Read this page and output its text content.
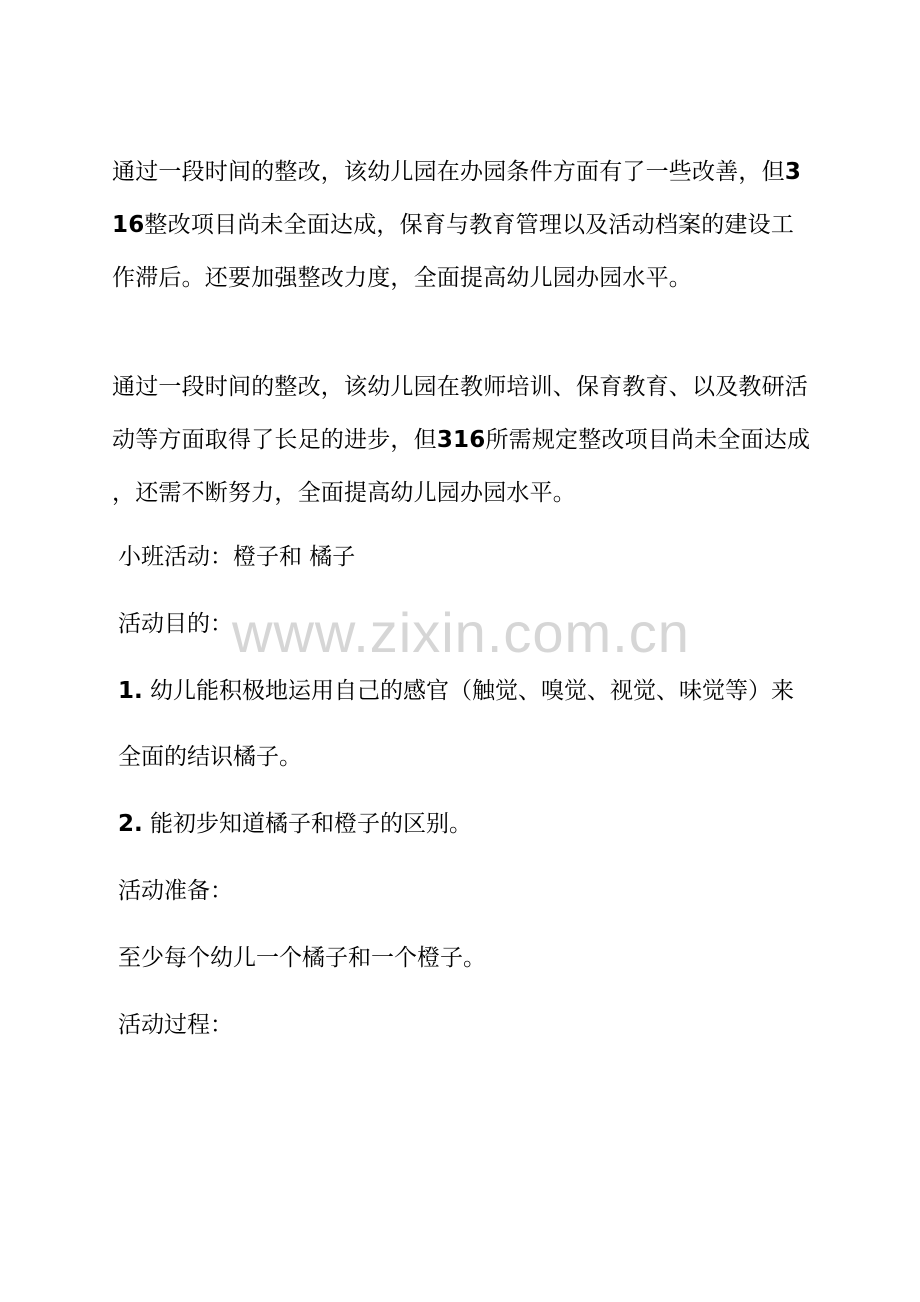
通过一段时间的整改，该幼儿园在办园条件方面有了一些改善，但3
16整改项目尚未全面达成，保育与教育管理以及活动档案的建设工
作滞后。还要加强整改力度，全面提高幼儿园办园水平。
通过一段时间的整改，该幼儿园在教师培训、保育教育、以及教研活
动等方面取得了长足的进步，但316所需规定整改项目尚未全面达成
，还需不断努力，全面提高幼儿园办园水平。
小班活动：橙子和 橘子
活动目的：
1. 幼儿能积极地运用自己的感官（触觉、嗅觉、视觉、味觉等）来
全面的结识橘子。
2. 能初步知道橘子和橙子的区别。
活动准备：
至少每个幼儿一个橘子和一个橙子。
活动过程：
www.zixin.com.cn
